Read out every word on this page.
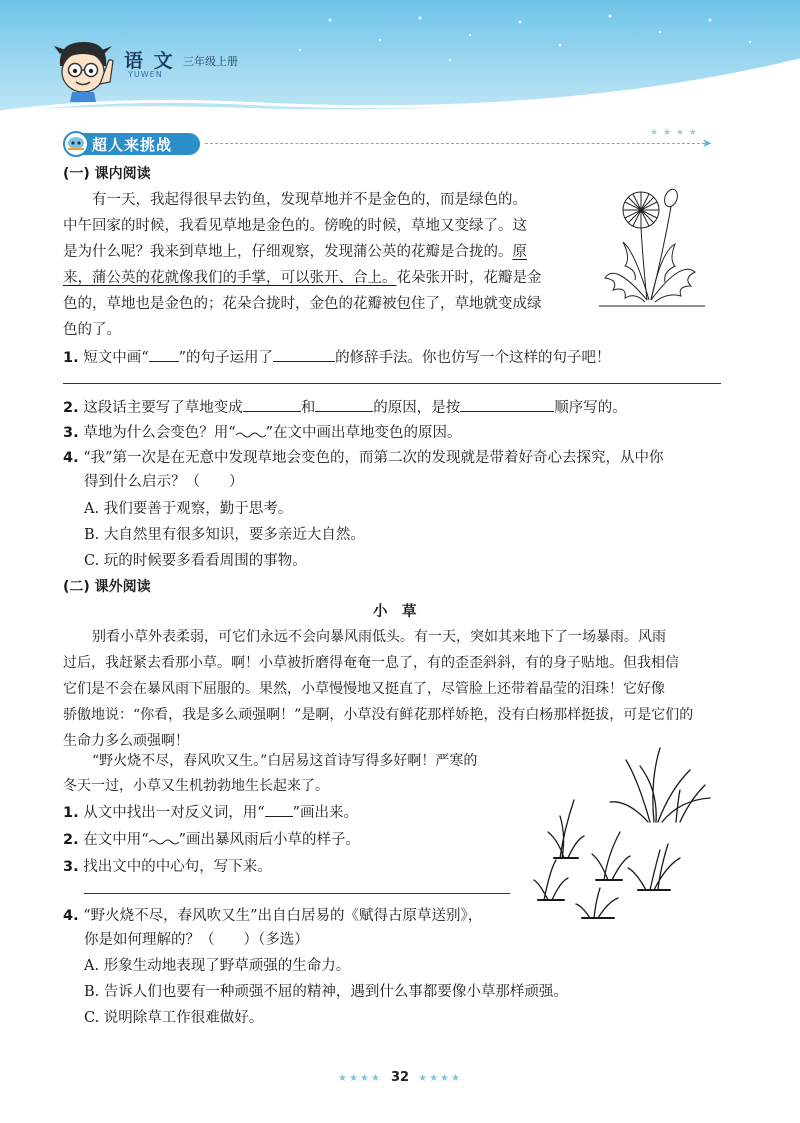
语 文
YUWEN
三年级上册
超人来挑战
★ ★ ★ ★
➤
(一) 课内阅读
有一天，我起得很早去钓鱼，发现草地并不是金色的，而是绿色的。
中午回家的时候，我看见草地是金色的。傍晚的时候，草地又变绿了。这
是为什么呢？我来到草地上，仔细观察，发现蒲公英的花瓣是合拢的。原
来，蒲公英的花就像我们的手掌，可以张开、合上。花朵张开时，花瓣是金
色的，草地也是金色的；花朵合拢时，金色的花瓣被包住了，草地就变成绿
色的了。
1. 短文中画“ ”的句子运用了	的修辞手法。你也仿写一个这样的句子吧！
2. 这段话主要写了草地变成	和	的原因，是按	顺序写的。
3. 草地为什么会变色？用“ ”在文中画出草地变色的原因。
4. “我”第一次是在无意中发现草地会变色的，而第二次的发现就是带着好奇心去探究，从中你
得到什么启示？（　　）
A. 我们要善于观察，勤于思考。
B. 大自然里有很多知识，要多亲近大自然。
C. 玩的时候要多看看周围的事物。
(二) 课外阅读
小　草
别看小草外表柔弱，可它们永远不会向暴风雨低头。有一天，突如其来地下了一场暴雨。风雨
过后，我赶紧去看那小草。啊！小草被折磨得奄奄一息了，有的歪歪斜斜，有的身子贴地。但我相信
它们是不会在暴风雨下屈服的。果然，小草慢慢地又挺直了，尽管脸上还带着晶莹的泪珠！它好像
骄傲地说：“你看，我是多么顽强啊！”是啊，小草没有鲜花那样娇艳，没有白杨那样挺拔，可是它们的
生命力多么顽强啊！
“野火烧不尽，春风吹又生。”白居易这首诗写得多好啊！严寒的
冬天一过，小草又生机勃勃地生长起来了。
1. 从文中找出一对反义词，用“ ”画出来。
2. 在文中用“ ”画出暴风雨后小草的样子。
3. 找出文中的中心句，写下来。
4. “野火烧不尽，春风吹又生”出自白居易的《赋得古原草送别》，
你是如何理解的？（　　）（多选）
A. 形象生动地表现了野草顽强的生命力。
B. 告诉人们也要有一种顽强不屈的精神，遇到什么事都要像小草那样顽强。
C. 说明除草工作很难做好。
★★★★ 32 ★★★★
